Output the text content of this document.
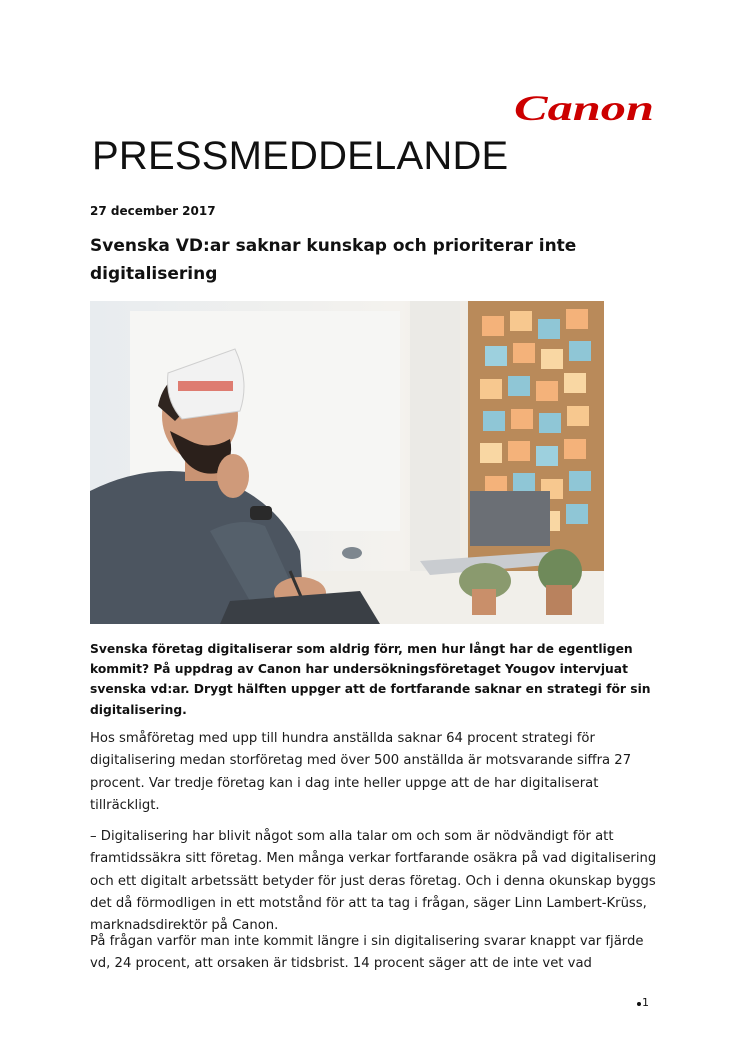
Canon
PRESSMEDDELANDE
27 december 2017
Svenska VD:ar saknar kunskap och prioriterar inte digitalisering

Svenska företag digitaliserar som aldrig förr, men hur långt har de egentligen kommit? På uppdrag av Canon har undersökningsföretaget Yougov intervjuat svenska vd:ar. Drygt hälften uppger att de fortfarande saknar en strategi för sin digitalisering.

Hos småföretag med upp till hundra anställda saknar 64 procent strategi för digitalisering medan storföretag med över 500 anställda är motsvarande siffra 27 procent. Var tredje företag kan i dag inte heller uppge att de har digitaliserat tillräckligt.

– Digitalisering har blivit något som alla talar om och som är nödvändigt för att framtidssäkra sitt företag. Men många verkar fortfarande osäkra på vad digitalisering och ett digitalt arbetssätt betyder för just deras företag. Och i denna okunskap byggs det då förmodligen in ett motstånd för att ta tag i frågan, säger Linn Lambert-Krüss, marknadsdirektör på Canon.

På frågan varför man inte kommit längre i sin digitalisering svarar knappt var fjärde vd, 24 procent, att orsaken är tidsbrist. 14 procent säger att de inte vet vad

1
